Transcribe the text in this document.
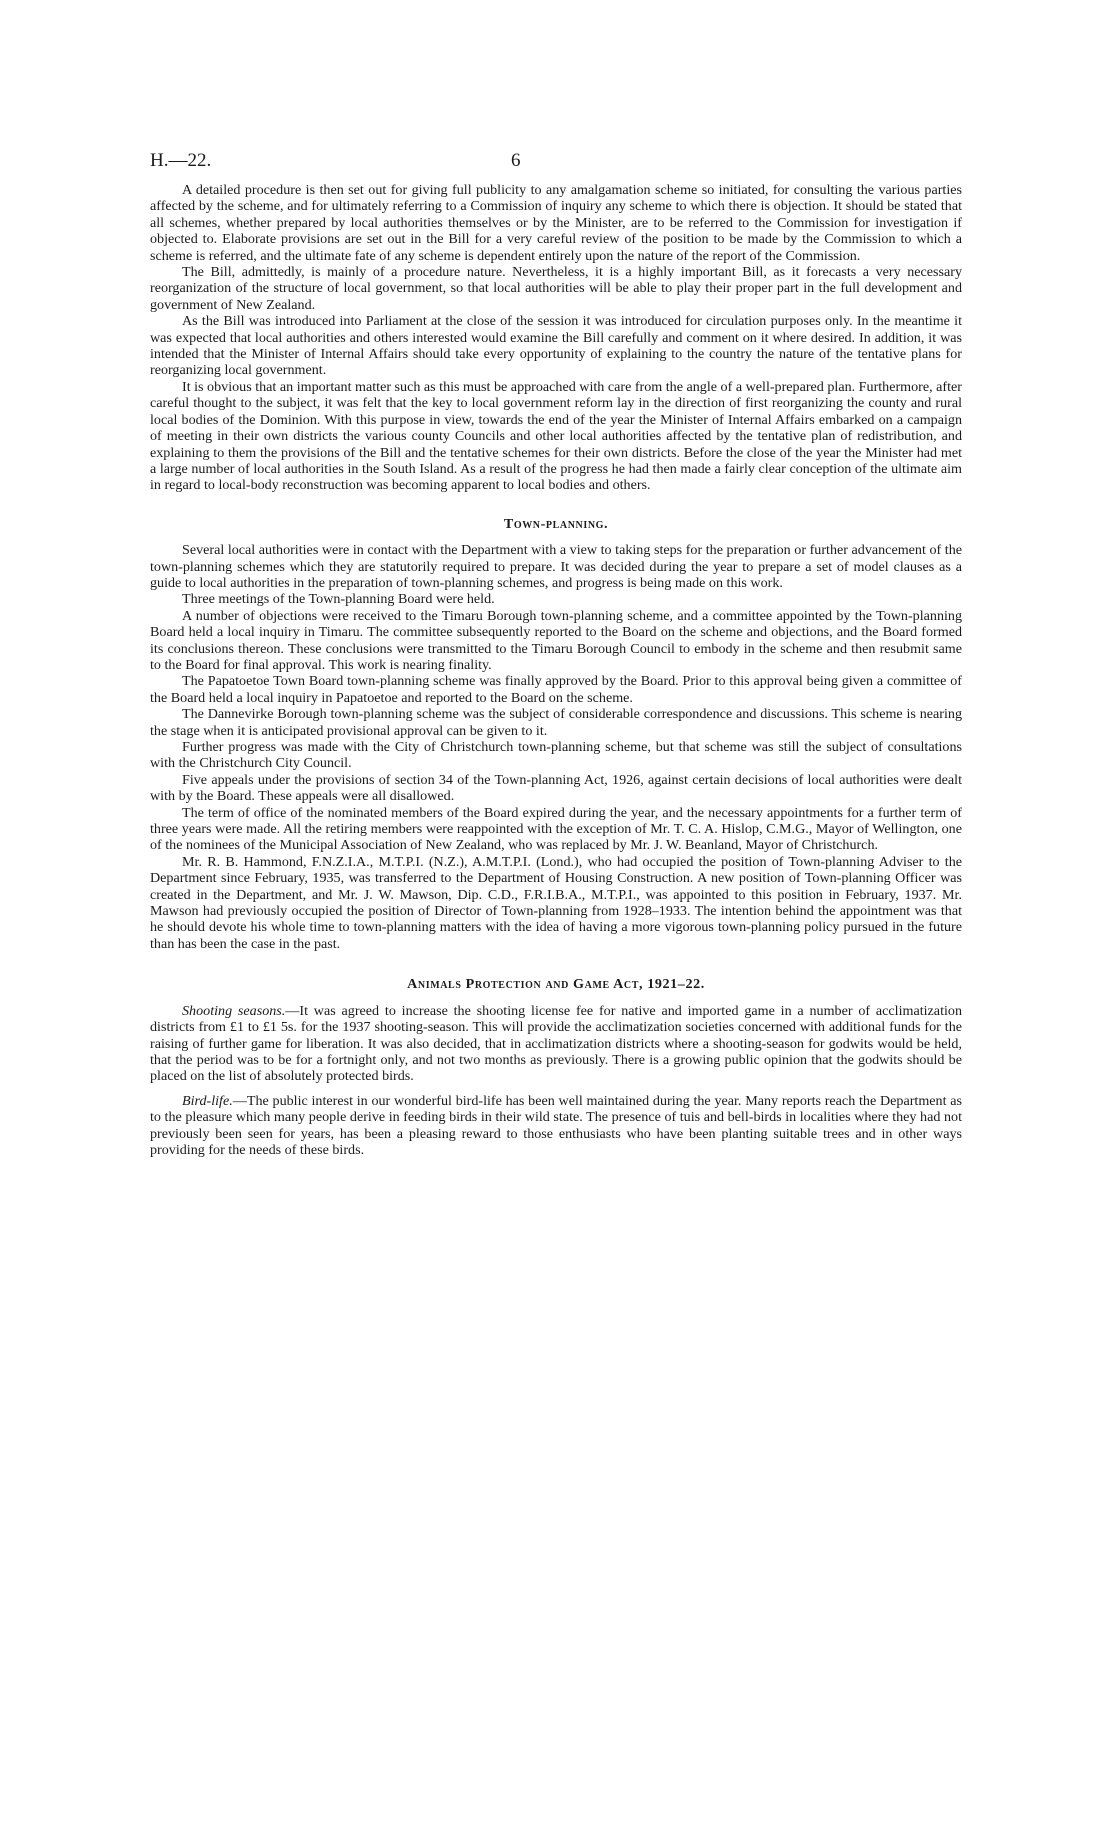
H.—22.	6

A detailed procedure is then set out for giving full publicity to any amalgamation scheme so initiated, for consulting the various parties affected by the scheme, and for ultimately referring to a Commission of inquiry any scheme to which there is objection. It should be stated that all schemes, whether prepared by local authorities themselves or by the Minister, are to be referred to the Commission for investigation if objected to. Elaborate provisions are set out in the Bill for a very careful review of the position to be made by the Commission to which a scheme is referred, and the ultimate fate of any scheme is dependent entirely upon the nature of the report of the Commission.

The Bill, admittedly, is mainly of a procedure nature. Nevertheless, it is a highly important Bill, as it forecasts a very necessary reorganization of the structure of local government, so that local authorities will be able to play their proper part in the full development and government of New Zealand.

As the Bill was introduced into Parliament at the close of the session it was introduced for circulation purposes only. In the meantime it was expected that local authorities and others interested would examine the Bill carefully and comment on it where desired. In addition, it was intended that the Minister of Internal Affairs should take every opportunity of explaining to the country the nature of the tentative plans for reorganizing local government.

It is obvious that an important matter such as this must be approached with care from the angle of a well-prepared plan. Furthermore, after careful thought to the subject, it was felt that the key to local government reform lay in the direction of first reorganizing the county and rural local bodies of the Dominion. With this purpose in view, towards the end of the year the Minister of Internal Affairs embarked on a campaign of meeting in their own districts the various county Councils and other local authorities affected by the tentative plan of redistribution, and explaining to them the provisions of the Bill and the tentative schemes for their own districts. Before the close of the year the Minister had met a large number of local authorities in the South Island. As a result of the progress he had then made a fairly clear conception of the ultimate aim in regard to local-body reconstruction was becoming apparent to local bodies and others.

Town-planning.

Several local authorities were in contact with the Department with a view to taking steps for the preparation or further advancement of the town-planning schemes which they are statutorily required to prepare. It was decided during the year to prepare a set of model clauses as a guide to local authorities in the preparation of town-planning schemes, and progress is being made on this work.

Three meetings of the Town-planning Board were held.

A number of objections were received to the Timaru Borough town-planning scheme, and a committee appointed by the Town-planning Board held a local inquiry in Timaru. The committee subsequently reported to the Board on the scheme and objections, and the Board formed its conclusions thereon. These conclusions were transmitted to the Timaru Borough Council to embody in the scheme and then resubmit same to the Board for final approval. This work is nearing finality.

The Papatoetoe Town Board town-planning scheme was finally approved by the Board. Prior to this approval being given a committee of the Board held a local inquiry in Papatoetoe and reported to the Board on the scheme.

The Dannevirke Borough town-planning scheme was the subject of considerable correspondence and discussions. This scheme is nearing the stage when it is anticipated provisional approval can be given to it.

Further progress was made with the City of Christchurch town-planning scheme, but that scheme was still the subject of consultations with the Christchurch City Council.

Five appeals under the provisions of section 34 of the Town-planning Act, 1926, against certain decisions of local authorities were dealt with by the Board. These appeals were all disallowed.

The term of office of the nominated members of the Board expired during the year, and the necessary appointments for a further term of three years were made. All the retiring members were reappointed with the exception of Mr. T. C. A. Hislop, C.M.G., Mayor of Wellington, one of the nominees of the Municipal Association of New Zealand, who was replaced by Mr. J. W. Beanland, Mayor of Christchurch.

Mr. R. B. Hammond, F.N.Z.I.A., M.T.P.I. (N.Z.), A.M.T.P.I. (Lond.), who had occupied the position of Town-planning Adviser to the Department since February, 1935, was transferred to the Department of Housing Construction. A new position of Town-planning Officer was created in the Department, and Mr. J. W. Mawson, Dip. C.D., F.R.I.B.A., M.T.P.I., was appointed to this position in February, 1937. Mr. Mawson had previously occupied the position of Director of Town-planning from 1928–1933. The intention behind the appointment was that he should devote his whole time to town-planning matters with the idea of having a more vigorous town-planning policy pursued in the future than has been the case in the past.

Animals Protection and Game Act, 1921–22.

Shooting seasons.—It was agreed to increase the shooting license fee for native and imported game in a number of acclimatization districts from £1 to £1 5s. for the 1937 shooting-season. This will provide the acclimatization societies concerned with additional funds for the raising of further game for liberation. It was also decided, that in acclimatization districts where a shooting-season for godwits would be held, that the period was to be for a fortnight only, and not two months as previously. There is a growing public opinion that the godwits should be placed on the list of absolutely protected birds.

Bird-life.—The public interest in our wonderful bird-life has been well maintained during the year. Many reports reach the Department as to the pleasure which many people derive in feeding birds in their wild state. The presence of tuis and bell-birds in localities where they had not previously been seen for years, has been a pleasing reward to those enthusiasts who have been planting suitable trees and in other ways providing for the needs of these birds.
